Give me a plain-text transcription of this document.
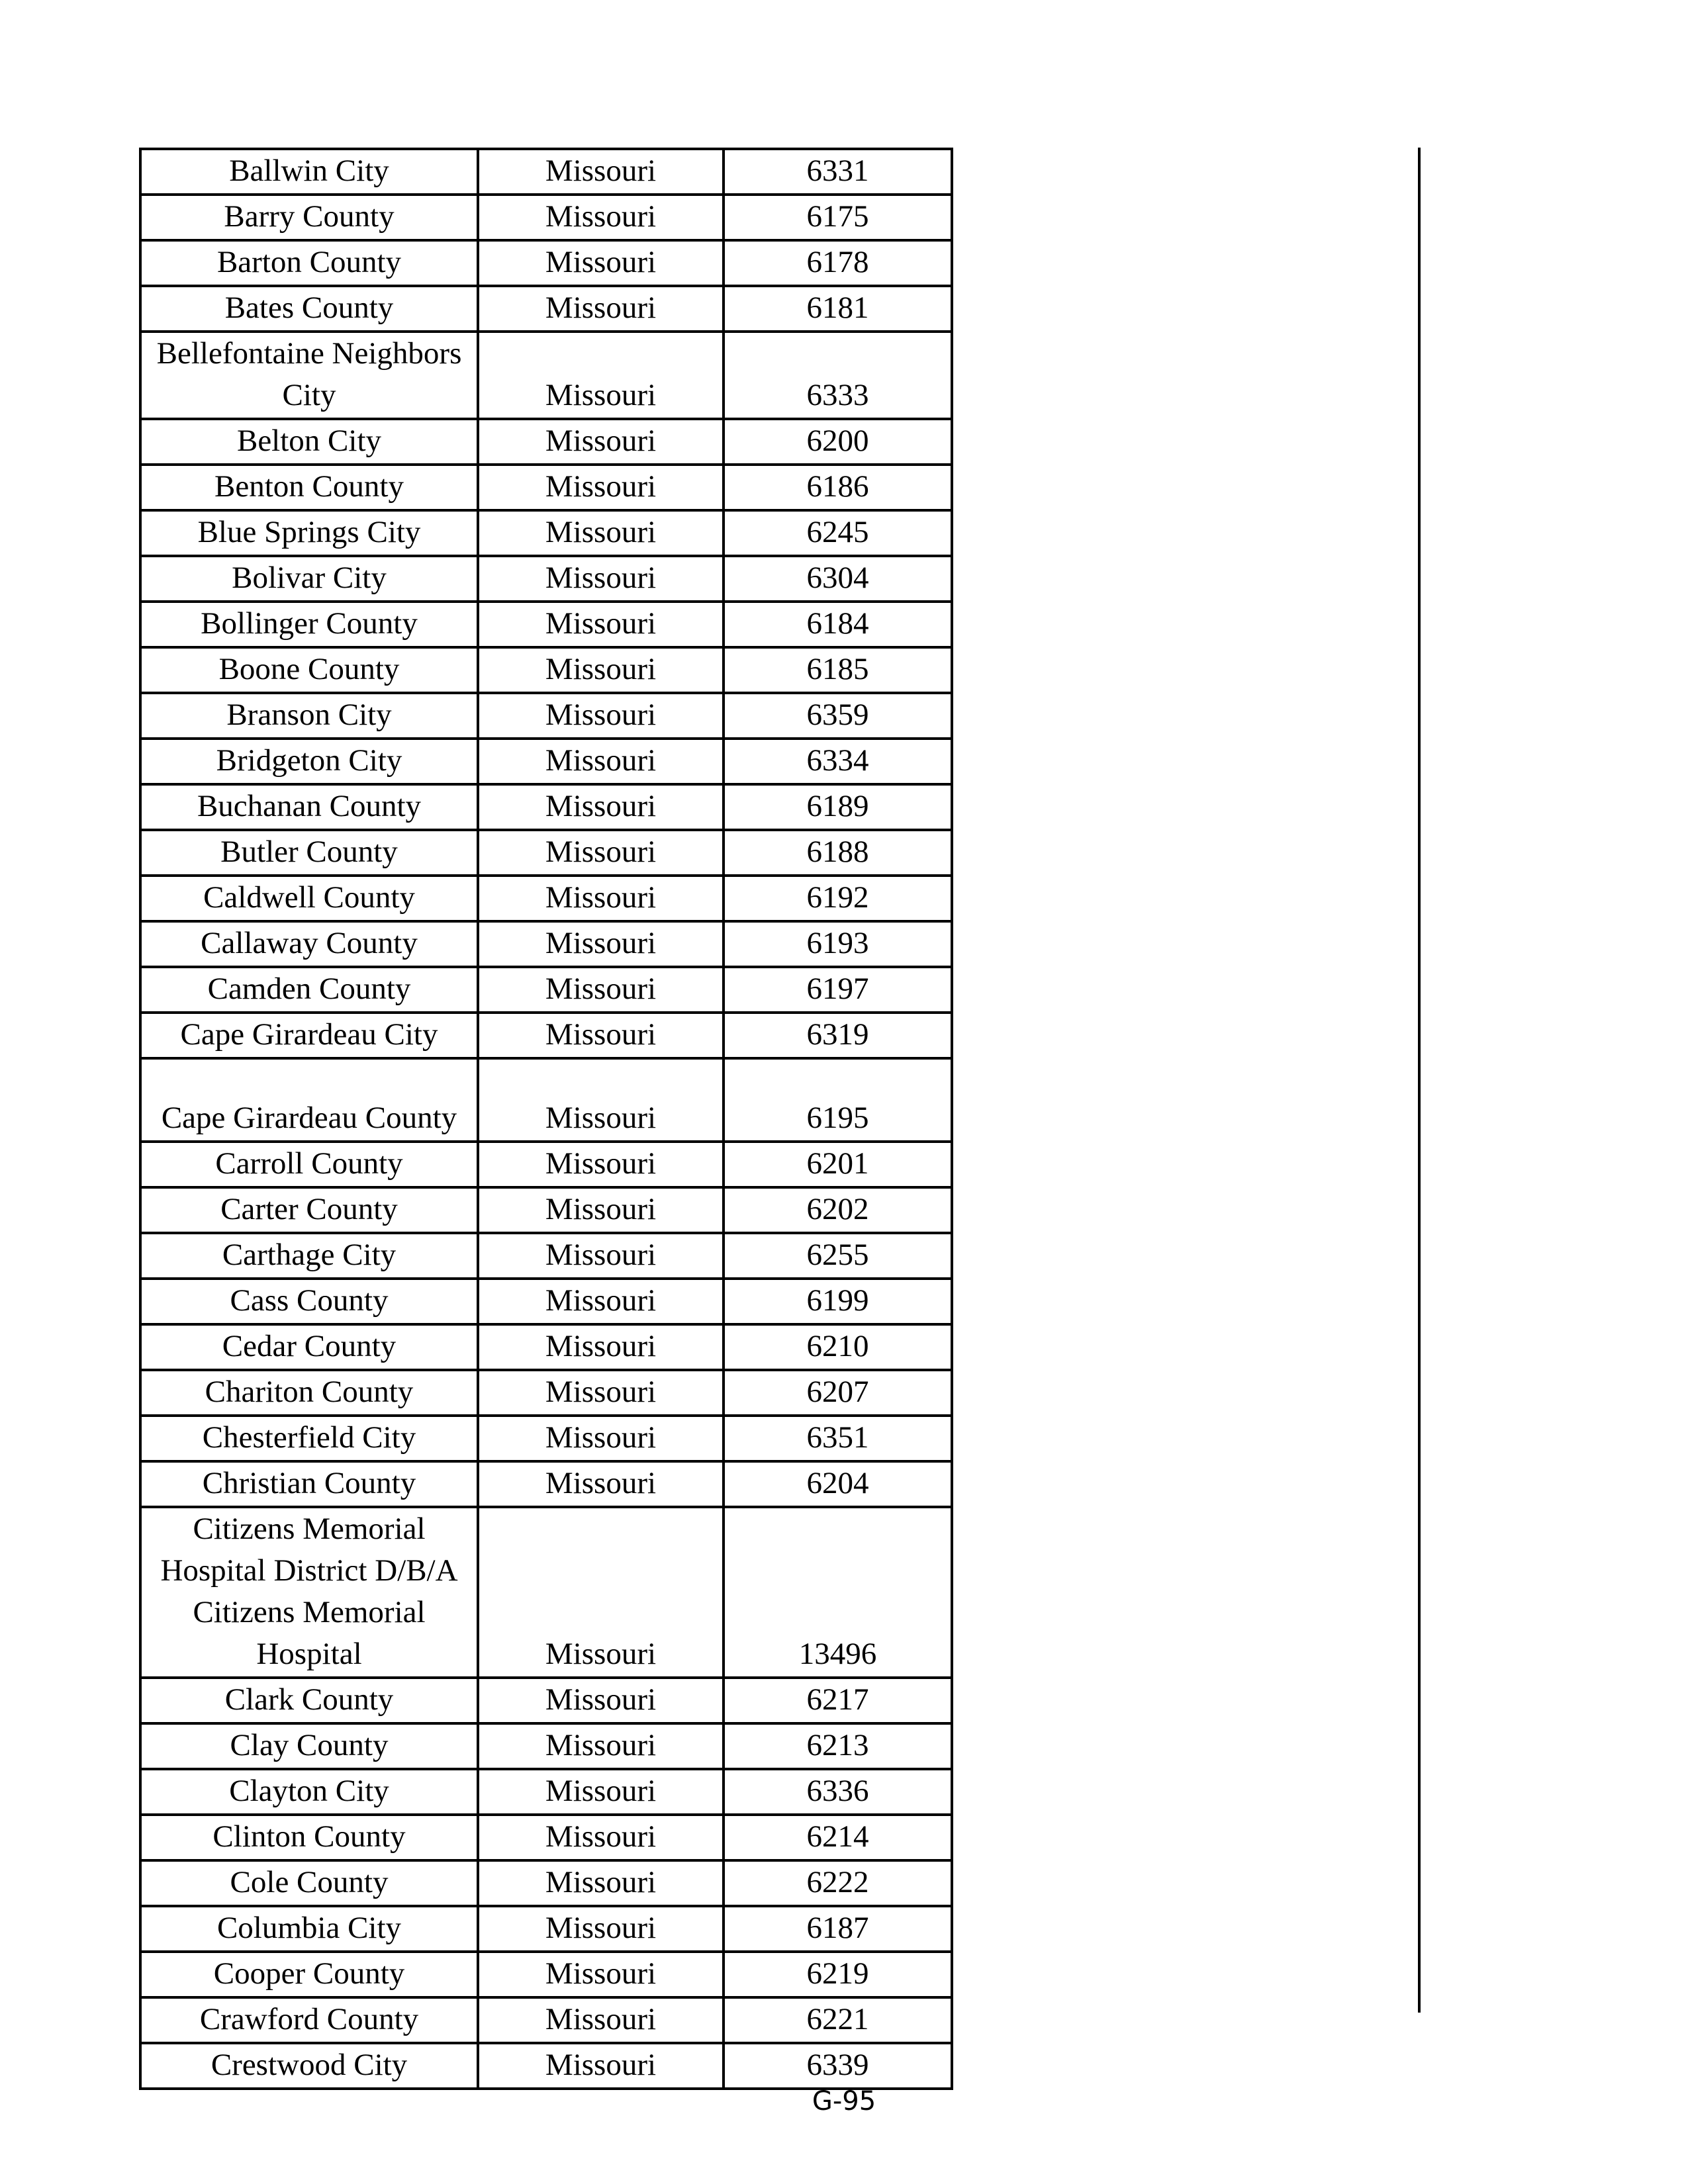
Ballwin City	Missouri	6331
Barry County	Missouri	6175
Barton County	Missouri	6178
Bates County	Missouri	6181
Bellefontaine Neighbors City	Missouri	6333
Belton City	Missouri	6200
Benton County	Missouri	6186
Blue Springs City	Missouri	6245
Bolivar City	Missouri	6304
Bollinger County	Missouri	6184
Boone County	Missouri	6185
Branson City	Missouri	6359
Bridgeton City	Missouri	6334
Buchanan County	Missouri	6189
Butler County	Missouri	6188
Caldwell County	Missouri	6192
Callaway County	Missouri	6193
Camden County	Missouri	6197
Cape Girardeau City	Missouri	6319
Cape Girardeau County	Missouri	6195
Carroll County	Missouri	6201
Carter County	Missouri	6202
Carthage City	Missouri	6255
Cass County	Missouri	6199
Cedar County	Missouri	6210
Chariton County	Missouri	6207
Chesterfield City	Missouri	6351
Christian County	Missouri	6204
Citizens Memorial Hospital District D/B/A Citizens Memorial Hospital	Missouri	13496
Clark County	Missouri	6217
Clay County	Missouri	6213
Clayton City	Missouri	6336
Clinton County	Missouri	6214
Cole County	Missouri	6222
Columbia City	Missouri	6187
Cooper County	Missouri	6219
Crawford County	Missouri	6221
Crestwood City	Missouri	6339
G-95
